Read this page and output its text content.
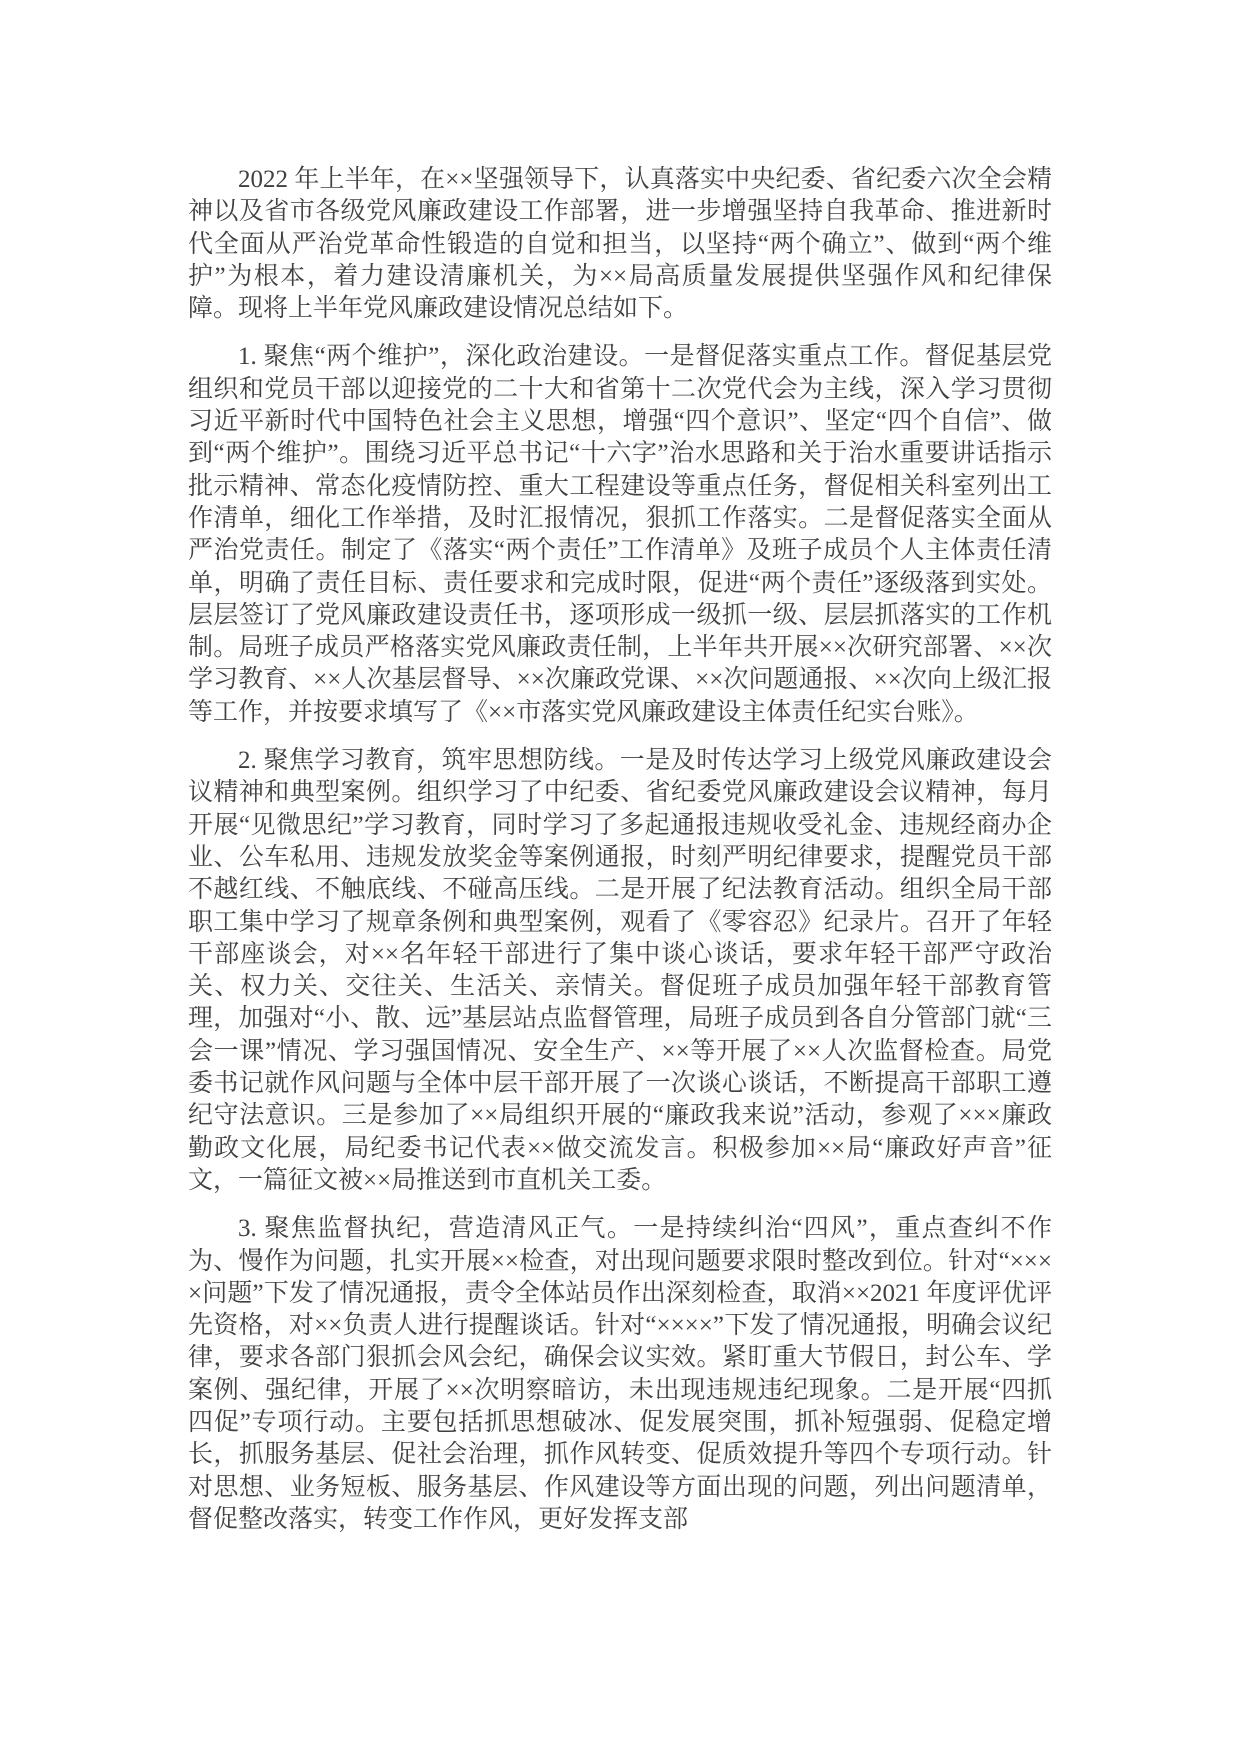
2022 年上半年，在××坚强领导下，认真落实中央纪委、省纪委六次全会精神以及省市各级党风廉政建设工作部署，进一步增强坚持自我革命、推进新时代全面从严治党革命性锻造的自觉和担当，以坚持“两个确立”、做到“两个维护”为根本，着力建设清廉机关，为××局高质量发展提供坚强作风和纪律保障。现将上半年党风廉政建设情况总结如下。

1. 聚焦“两个维护”，深化政治建设。一是督促落实重点工作。督促基层党组织和党员干部以迎接党的二十大和省第十二次党代会为主线，深入学习贯彻习近平新时代中国特色社会主义思想，增强“四个意识”、坚定“四个自信”、做到“两个维护”。围绕习近平总书记“十六字”治水思路和关于治水重要讲话指示批示精神、常态化疫情防控、重大工程建设等重点任务，督促相关科室列出工作清单，细化工作举措，及时汇报情况，狠抓工作落实。二是督促落实全面从严治党责任。制定了《落实“两个责任”工作清单》及班子成员个人主体责任清单，明确了责任目标、责任要求和完成时限，促进“两个责任”逐级落到实处。层层签订了党风廉政建设责任书，逐项形成一级抓一级、层层抓落实的工作机制。局班子成员严格落实党风廉政责任制，上半年共开展××次研究部署、××次学习教育、××人次基层督导、××次廉政党课、××次问题通报、××次向上级汇报等工作，并按要求填写了《××市落实党风廉政建设主体责任纪实台账》。

2. 聚焦学习教育，筑牢思想防线。一是及时传达学习上级党风廉政建设会议精神和典型案例。组织学习了中纪委、省纪委党风廉政建设会议精神，每月开展“见微思纪”学习教育，同时学习了多起通报违规收受礼金、违规经商办企业、公车私用、违规发放奖金等案例通报，时刻严明纪律要求，提醒党员干部不越红线、不触底线、不碰高压线。二是开展了纪法教育活动。组织全局干部职工集中学习了规章条例和典型案例，观看了《零容忍》纪录片。召开了年轻干部座谈会，对××名年轻干部进行了集中谈心谈话，要求年轻干部严守政治关、权力关、交往关、生活关、亲情关。督促班子成员加强年轻干部教育管理，加强对“小、散、远”基层站点监督管理，局班子成员到各自分管部门就“三会一课”情况、学习强国情况、安全生产、××等开展了××人次监督检查。局党委书记就作风问题与全体中层干部开展了一次谈心谈话，不断提高干部职工遵纪守法意识。三是参加了××局组织开展的“廉政我来说”活动，参观了×××廉政勤政文化展，局纪委书记代表××做交流发言。积极参加××局“廉政好声音”征文，一篇征文被××局推送到市直机关工委。

3. 聚焦监督执纪，营造清风正气。一是持续纠治“四风”，重点查纠不作为、慢作为问题，扎实开展××检查，对出现问题要求限时整改到位。针对“××××问题”下发了情况通报，责令全体站员作出深刻检查，取消××2021 年度评优评先资格，对××负责人进行提醒谈话。针对“××××”下发了情况通报，明确会议纪律，要求各部门狠抓会风会纪，确保会议实效。紧盯重大节假日，封公车、学案例、强纪律，开展了××次明察暗访，未出现违规违纪现象。二是开展“四抓四促”专项行动。主要包括抓思想破冰、促发展突围，抓补短强弱、促稳定增长，抓服务基层、促社会治理，抓作风转变、促质效提升等四个专项行动。针对思想、业务短板、服务基层、作风建设等方面出现的问题，列出问题清单，督促整改落实，转变工作作风，更好发挥支部
